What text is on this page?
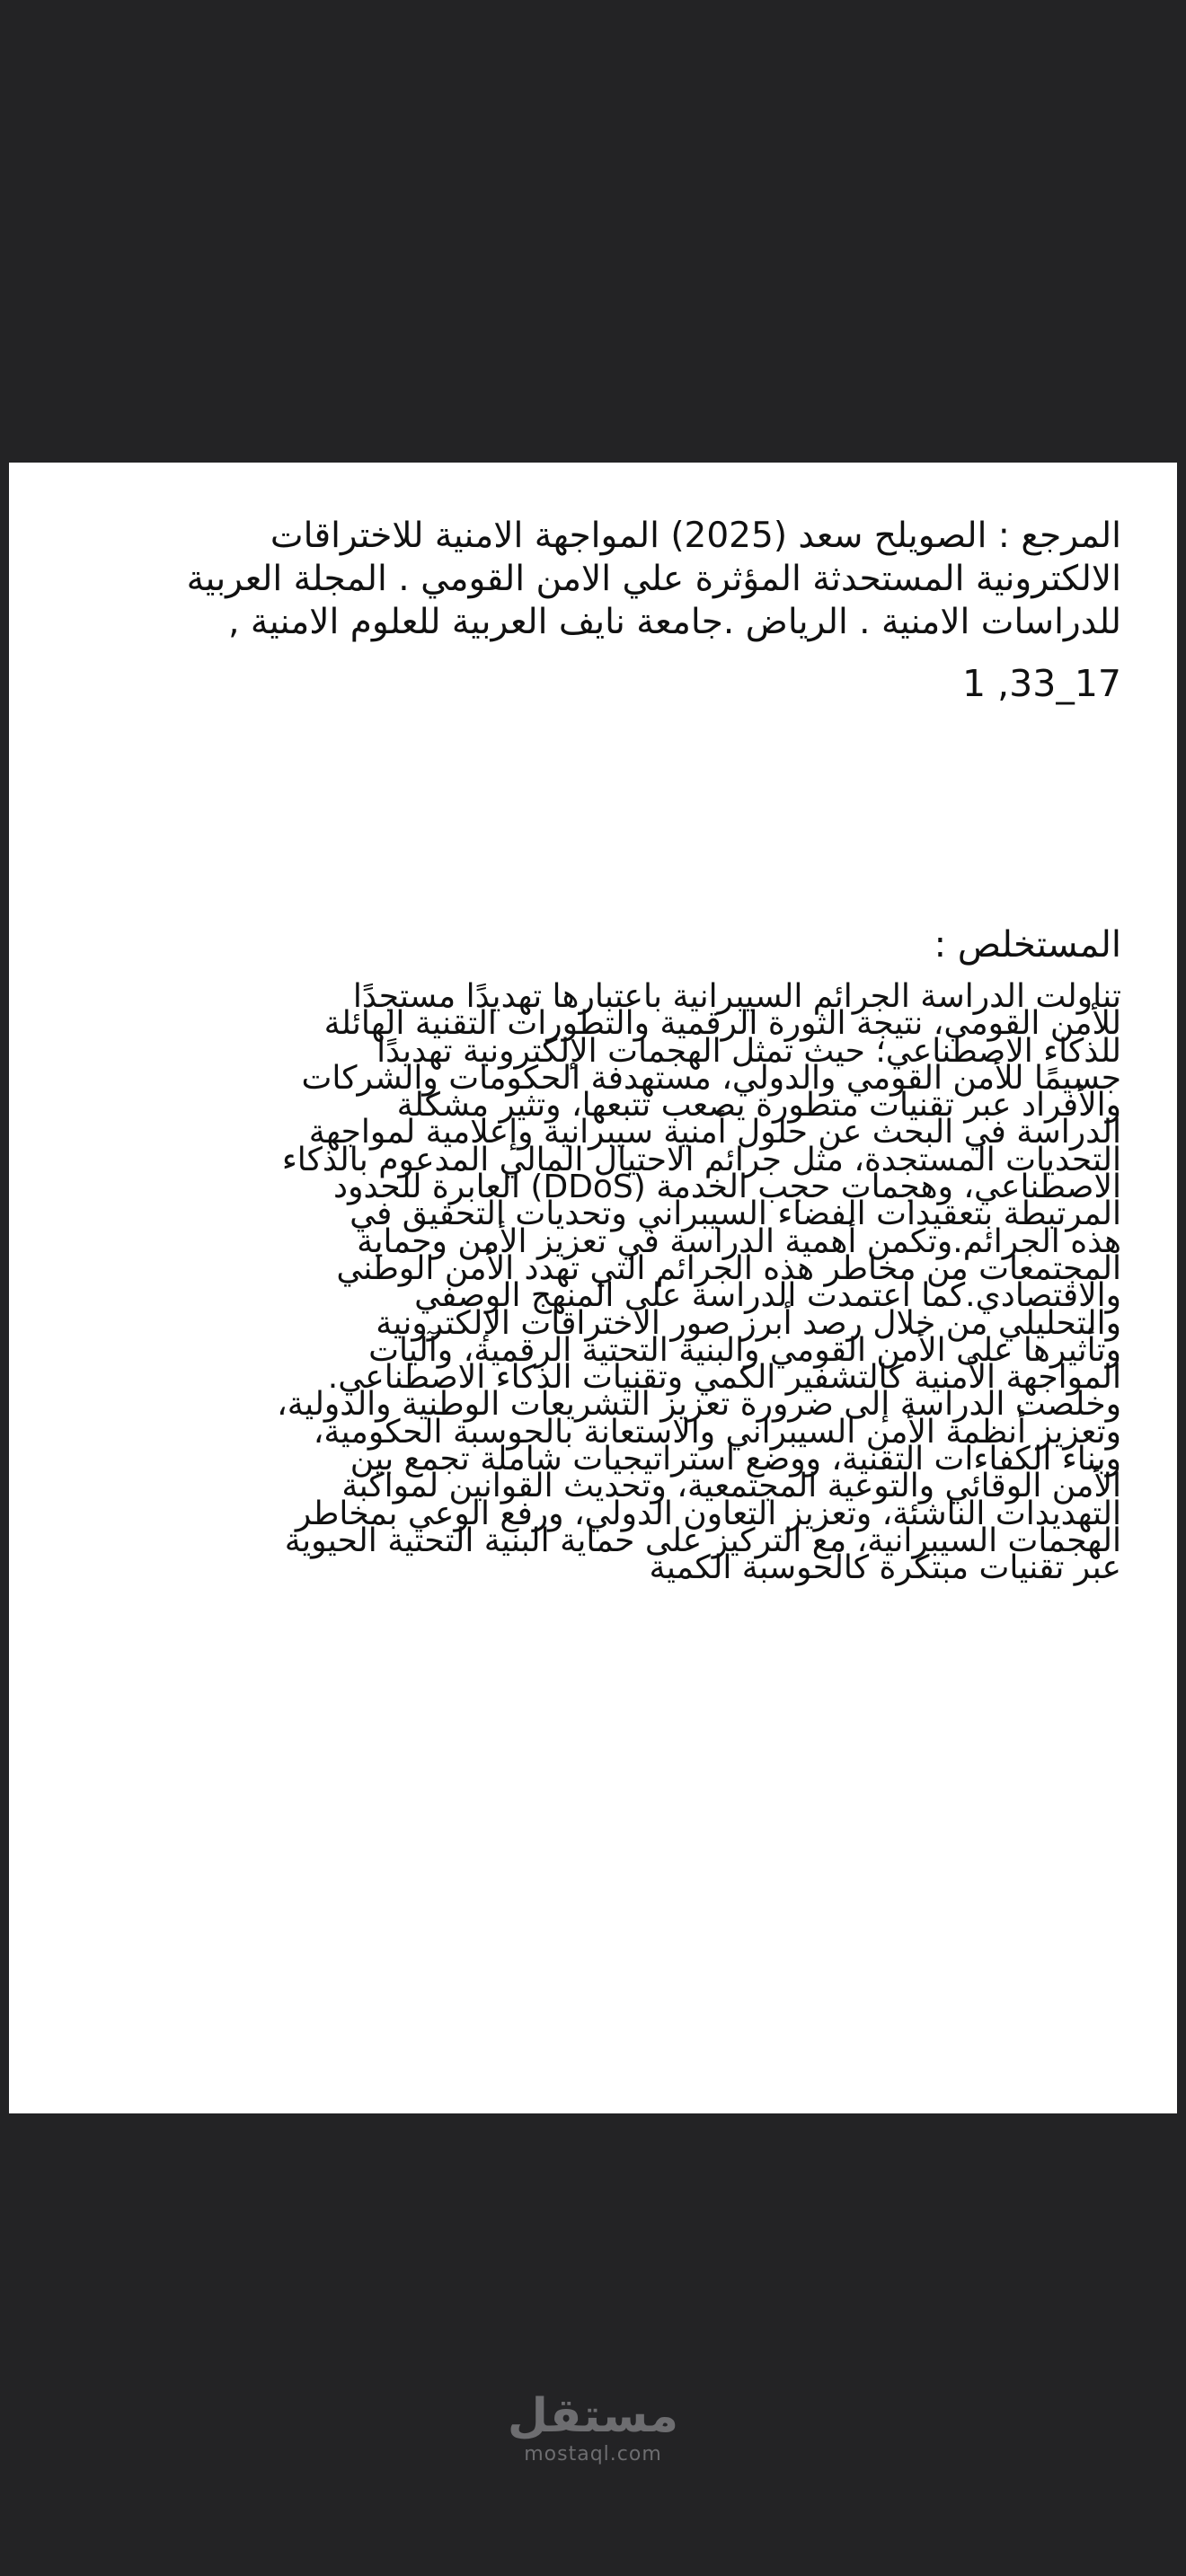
المرجع : الصويلح سعد (2025) المواجهة الامنية للاختراقات
الالكترونية المستحدثة المؤثرة علي الامن القومي . المجلة العربية
للدراسات الامنية . الرياض .جامعة نايف العربية للعلوم الامنية ,
1 ,33_17
المستخلص :
تناولت الدراسة الجرائم السيبرانية باعتبارها تهديدًا مستجدًا
للأمن القومي، نتيجة الثورة الرقمية والتطورات التقنية الهائلة
للذكاء الاصطناعي؛ حيث تمثل الهجمات الإلكترونية تهديدًا
جسيمًا للأمن القومي والدولي، مستهدفة الحكومات والشركات
والأفراد عبر تقنيات متطورة يصعب تتبعها، وتثير مشكلة
الدراسة في البحث عن حلول أمنية سيبرانية وإعلامية لمواجهة
التحديات المستجدة، مثل جرائم الاحتيال المالي المدعوم بالذكاء
الاصطناعي، وهجمات حجب الخدمة (DDoS) العابرة للحدود
المرتبطة بتعقيدات الفضاء السيبراني وتحديات التحقيق في
هذه الجرائم.وتكمن أهمية الدراسة في تعزيز الأمن وحماية
المجتمعات من مخاطر هذه الجرائم التي تهدد الأمن الوطني
والاقتصادي.كما اعتمدت الدراسة على المنهج الوصفي
والتحليلي من خلال رصد أبرز صور الاختراقات الإلكترونية
وتأثيرها على الأمن القومي والبنية التحتية الرقمية، وآليات
المواجهة الأمنية كالتشفير الكمي وتقنيات الذكاء الاصطناعي.
وخلصت الدراسة إلى ضرورة تعزيز التشريعات الوطنية والدولية،
وتعزيز أنظمة الأمن السيبراني والاستعانة بالحوسبة الحكومية،
وبناء الكفاءات التقنية، ووضع استراتيجيات شاملة تجمع بين
الأمن الوقائي والتوعية المجتمعية، وتحديث القوانين لمواكبة
التهديدات الناشئة، وتعزيز التعاون الدولي، ورفع الوعي بمخاطر
الهجمات السيبرانية، مع التركيز على حماية البنية التحتية الحيوية
عبر تقنيات مبتكرة كالحوسبة الكمية
مستقل
mostaql.com
